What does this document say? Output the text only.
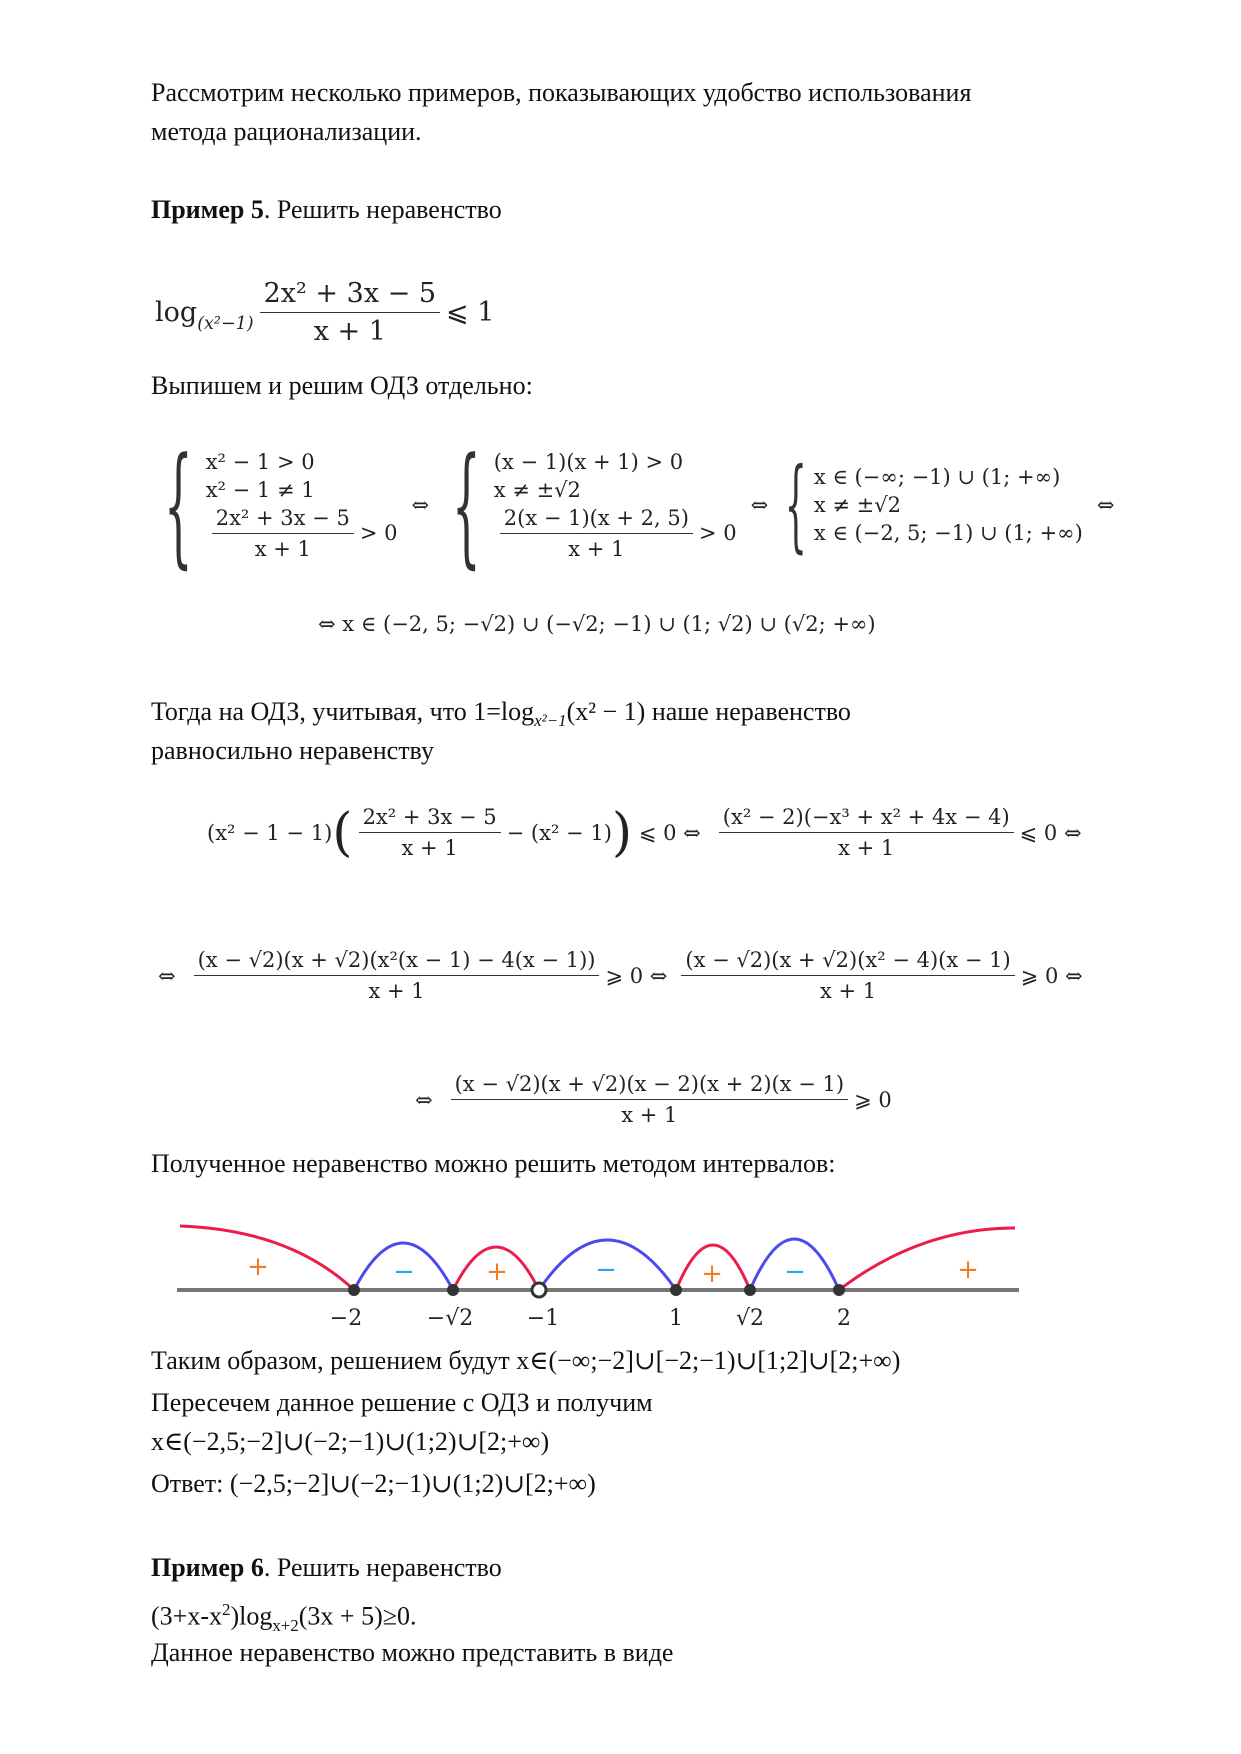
Рассмотрим несколько примеров, показывающих удобство использования
метода рационализации.
Пример 5. Решить неравенство
$\log_{(x^2-1)} \frac{\text{2x² + 3x − 5}}{x + 1}$ ⩽ 1
Выпишем и решим ОДЗ отдельно:
{ x² − 1 > 0
x² − 1 ≠ 1
$\frac{\text{2x² + 3x − 5}}{x + 1} > 0$
⇔ { (x − 1)(x + 1) > 0
x ≠ ±√2
$\frac{2(x - 1)(x + 2, 5)}{x + 1} > 0$
⇔ { x ∈ (−∞; −1) ∪ (1; +∞)
x ≠ ±√2
x ∈ (−2, 5; −1) ∪ (1; +∞)
⇔
⇔ x ∈ (−2, 5; −√2) ∪ (−√2; −1) ∪ (1; √2) ∪ (√2; +∞)
Тогда на ОДЗ, учитывая, что $1=\log_{x^2-1}(x^2 - 1)$ наше неравенство
равносильно неравенству
(x² − 1 − 1) ( $\frac{\text{2x² + 3x − 5}}{x + 1} - (x^2 - 1)$ )
⩽ 0 ⇔ $\frac{\text{(x² − 2)(−x³ + x² + 4x − 4)}}{x + 1}$ ⩽ 0 ⇔
⇔ $\frac{\text{(x − √2)(x + √2)(x²(x − 1) − 4(x − 1))}}{x + 1}$ ⩾ 0 ⇔ $\frac{\text{(x − √2)(x + √2)(x² − 4)(x − 1)}}{x + 1}$ ⩾ 0 ⇔
⇔ $\frac{(x - √2)(x + √2)(x - 2)(x + 2)(x - 1)}{x + 1}$ ⩾ 0
Полученное неравенство можно решить методом интервалов:
+	−	+	−	+ −	+
−2	−√2 −1	1 √2	2
Таким образом, решением будут x∈(−∞;−2]∪[−2;−1)∪[1;2]∪[2;+∞)
Пересечем данное решение с ОДЗ и получим
x∈(−2,5;−2]∪(−2;−1)∪(1;2)∪[2;+∞)
Ответ: (−2,5;−2]∪(−2;−1)∪(1;2)∪[2;+∞)
Пример 6. Решить неравенство
$(3+x-x^2)\log_{x+2}(3x + 5)\ge 0$.
Данное неравенство можно представить в виде
